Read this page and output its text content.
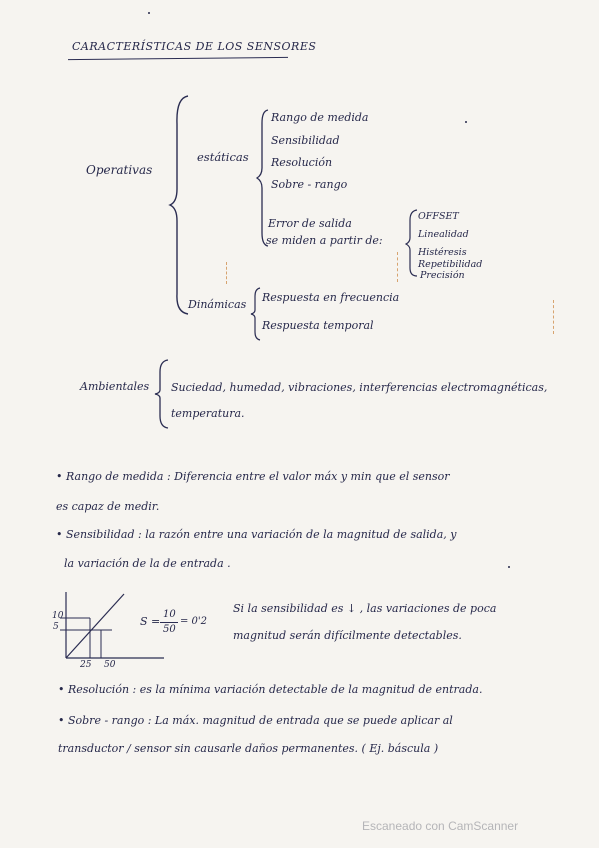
CARACTERÍSTICAS DE LOS SENSORES
Operativas
estáticas
Rango de medida
Sensibilidad
Resolución
Sobre - rango
Error de salida
se miden a partir de:
OFFSET
Linealidad
Histéresis
Repetibilidad
Precisión
Dinámicas
Respuesta en frecuencia
Respuesta temporal
Ambientales Suciedad, humedad, vibraciones, interferencias electromagnéticas,
temperatura.
• Rango de medida : Diferencia entre el valor máx y min que el sensor
es capaz de medir.
• Sensibilidad : la razón entre una variación de la magnitud de salida, y
la variación de la de entrada .
10
5
25 50
S =
10
50
= 0'2
Si la sensibilidad es ↓ , las variaciones de poca
magnitud serán difícilmente detectables.
• Resolución : es la mínima variación detectable de la magnitud de entrada.
• Sobre - rango : La máx. magnitud de entrada que se puede aplicar al
transductor / sensor sin causarle daños permanentes. ( Ej. báscula )
Escaneado con CamScanner
